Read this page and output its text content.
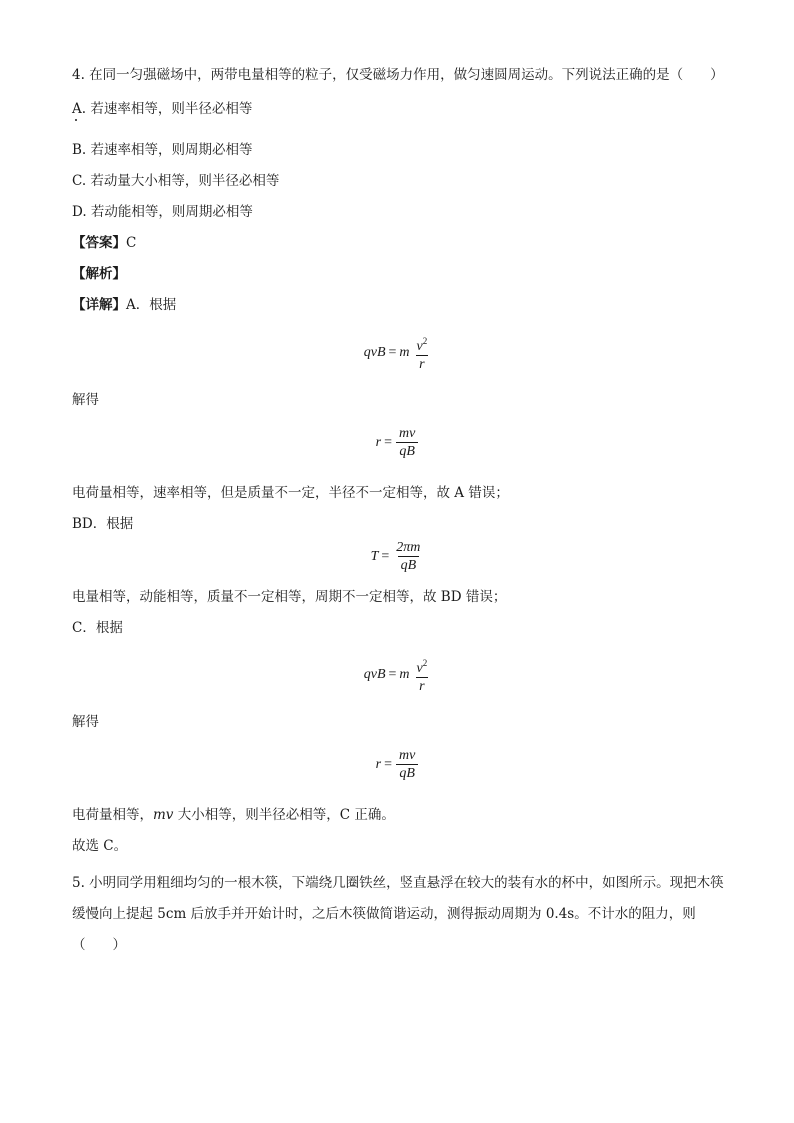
4. 在同一匀强磁场中，两带电量相等的粒子，仅受磁场力作用，做匀速圆周运动。下列说法正确的是（　　）
A. 若速率相等，则半径必相等
B. 若速率相等，则周期必相等
C. 若动量大小相等，则半径必相等
D. 若动能相等，则周期必相等
【答案】C
【解析】
【详解】A．根据
qvB = m $\frac{v^2}{r}$
解得
$r = \frac{mv}{qB}$
电荷量相等，速率相等，但是质量不一定，半径不一定相等，故 A 错误；
BD．根据
$T = \frac{2\pi m}{qB}$
电量相等，动能相等，质量不一定相等，周期不一定相等，故 BD 错误；
C．根据
qvB = m $\frac{v^2}{r}$
解得
$r = \frac{mv}{qB}$
电荷量相等，mv 大小相等，则半径必相等，C 正确。
故选 C。
5. 小明同学用粗细均匀的一根木筷，下端绕几圈铁丝，竖直悬浮在较大的装有水的杯中，如图所示。现把木筷缓慢向上提起 5cm 后放手并开始计时，之后木筷做简谐运动，测得振动周期为 0.4s。不计水的阻力，则（　　）
